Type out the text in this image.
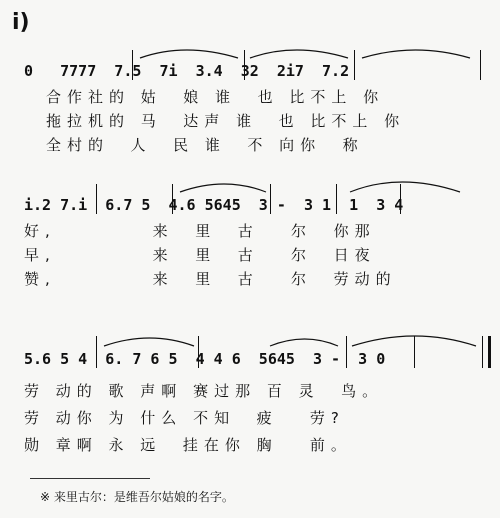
i)
0   7777  7.5  7i  3.4  32  2i7  7.2
合作社的 姑  娘 谁  也 比不上 你
拖拉机的 马  达声 谁  也 比不上 你
全村的  人  民 谁  不 向你  称
i.2 7.i  6.7 5  4.6 5645  3 -  3 1  1  3 4
好,         来  里  古   尔  你那
早,         来  里  古   尔  日夜
赞,         来  里  古   尔  劳动的
5.6 5 4  6. 7 6 5  4 4 6  5645  3 -  3 0
劳 动的 歌 声啊 赛过那 百 灵  鸟。
劳 动你 为 什么 不知  疲   劳?
勋 章啊 永 远  挂在你 胸   前。
※ 来里古尔：是维吾尔姑娘的名字。
